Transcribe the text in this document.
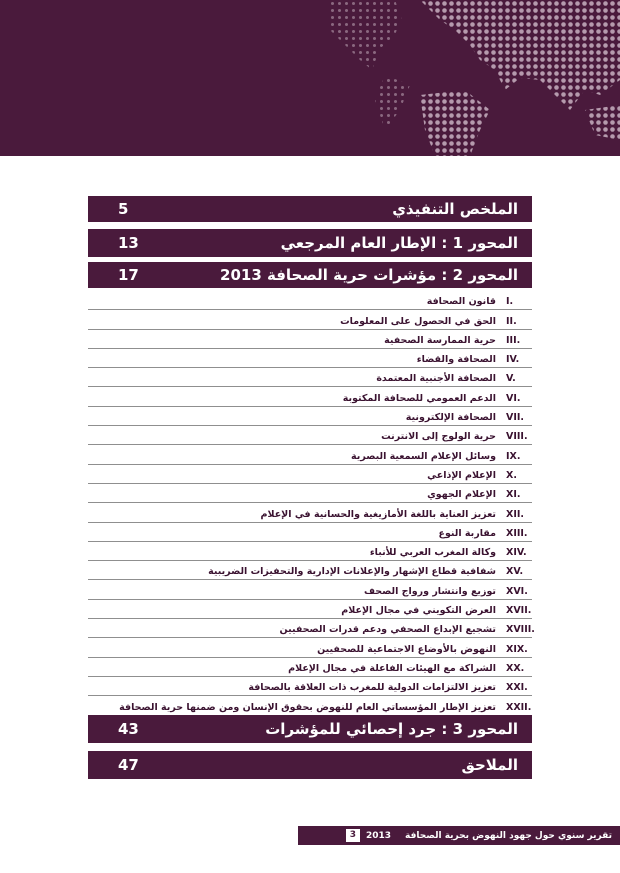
الملخص التنفيذي
5
المحور 1 : الإطار العام المرجعي
13
المحور 2 : مؤشرات حرية الصحافة 2013
17
I.
قانون الصحافة
II.
الحق في الحصول على المعلومات
III.
حرية الممارسة الصحفية
IV.
الصحافة والقضاء
V.
الصحافة الأجنبية المعتمدة
VI.
الدعم العمومي للصحافة المكتوبة
VII.
الصحافة الإلكترونية
VIII.
حرية الولوج إلى الانترنت
IX.
وسائل الإعلام السمعية البصرية
X.
الإعلام الإذاعي
XI.
الإعلام الجهوي
XII.
تعزيز العناية باللغة الأمازيغية والحسانية في الإعلام
XIII.
مقاربة النوع
XIV.
وكالة المغرب العربي للأنباء
XV.
شفافية قطاع الإشهار والإعلانات الإدارية والتحفيزات الضريبية
XVI.
توزيع وانتشار ورواج الصحف
XVII.
العرض التكويني في مجال الإعلام
XVIII.
تشجيع الإبداع الصحفي ودعم قدرات الصحفيين
XIX.
النهوض بالأوضاع الاجتماعية للصحفيين
XX.
الشراكة مع الهيئات الفاعلة في مجال الإعلام
XXI.
تعزيز الالتزامات الدولية للمغرب ذات العلاقة بالصحافة
XXII.
تعزيز الإطار المؤسساتي العام للنهوض بحقوق الإنسان ومن ضمنها حرية الصحافة
المحور 3 : جرد إحصائي للمؤشرات
43
الملاحق
47
تقرير سنوي حول جهود النهوض بحرية الصحافة
2013
3
